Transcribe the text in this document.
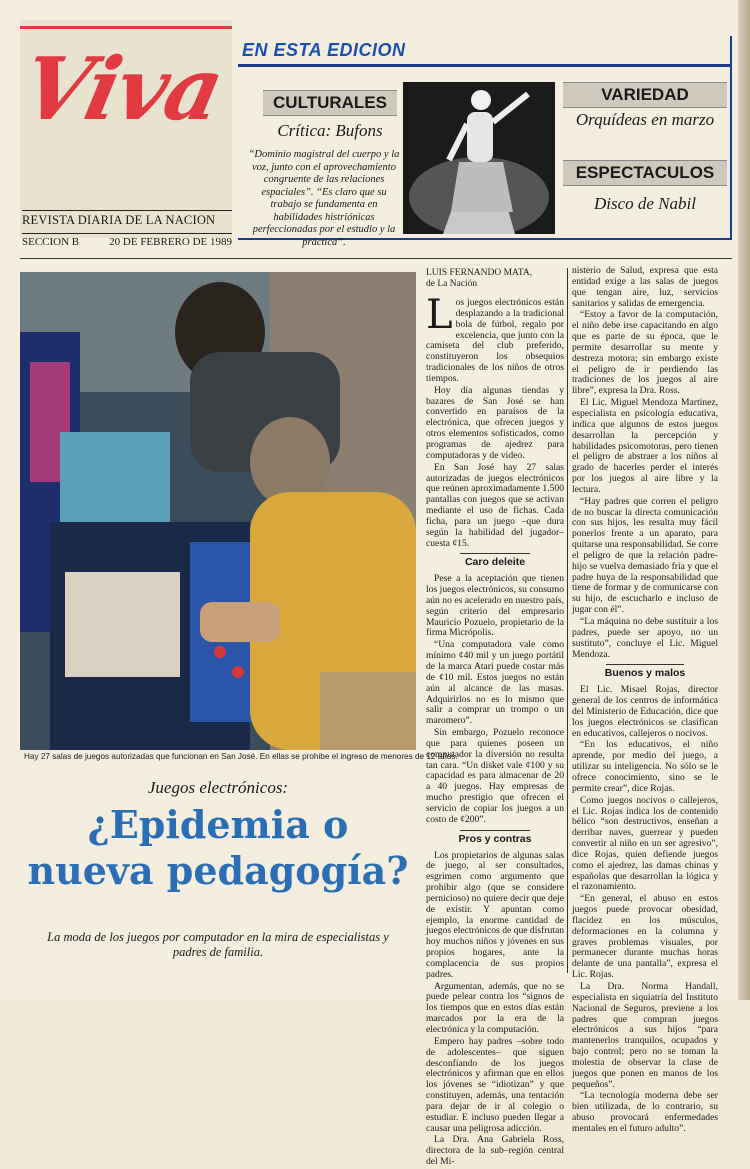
Viva
REVISTA DIARIA DE LA NACION
SECCION B	20 DE FEBRERO DE 1989
EN ESTA EDICION
CULTURALES
Crítica: Bufons
“Dominio magistral del cuerpo y la voz, junto con el aprovechamiento congruente de las relaciones espaciales”. “Es claro que su trabajo se fundamenta en habilidades histriónicas perfeccionadas por el estudio y la práctica”.
VARIEDAD
Orquídeas en marzo
ESPECTACULOS
Disco de Nabil
Hay 27 salas de juegos autorizadas que funcionan en San José. En ellas se prohibe el ingreso de menores de 12 años.
Juegos electrónicos:
¿Epidemia o nueva pedagogía?
La moda de los juegos por computador en la mira de especialistas y padres de familia.
LUIS FERNANDO MATA,
de La Nación
L os juegos electrónicos están desplazando a la tradicional bola de fútbol, regalo por excelencia, que junto con la camiseta del club preferido, constituyeron los obsequios tradicionales de los niños de otros tiempos.

Hoy día algunas tiendas y bazares de San José se han convertido en paraísos de la electrónica, que ofrecen juegos y otros elementos sofisticados, como programas de ajedrez para computadoras y de video.

En San José hay 27 salas autorizadas de juegos electrónicos que reúnen aproximadamente 1.500 pantallas con juegos que se activan mediante el uso de fichas. Cada ficha, para un juego –que dura según la habilidad del jugador– cuesta ¢15.

Caro deleite

Pese a la aceptación que tienen los juegos electrónicos, su consumo aún no es acelerado en nuestro país, según criterio del empresario Mauricio Pozuelo, propietario de la firma Micrópolis.

“Una computadora vale como mínimo ¢40 mil y un juego portátil de la marca Atari puede costar más de ¢10 mil. Estos juegos no están aún al alcance de las masas. Adquirirlos no es lo mismo que salir a comprar un trompo o un maromero”.

Sin embargo, Pozuelo reconoce que para quienes poseen un computador la diversión no resulta tan cara. “Un disket vale ¢100 y su capacidad es para almacenar de 20 a 40 juegos. Hay empresas de mucho prestigio que ofrecen el servicio de copiar los juegos a un costo de ¢200”.

Pros y contras

Los propietarios de algunas salas de juego, al ser consultados, esgrimen como argumento que prohibir algo (que se considere pernicioso) no quiere decir que deje de existir. Y apuntan como ejemplo, la enorme cantidad de juegos electrónicos de que disfrutan hoy muchos niños y jóvenes en sus propios hogares, ante la complacencia de sus propios padres.

Argumentan, además, que no se puede pelear contra los “signos de los tiempos que en estos días están marcados por la era de la electrónica y la computación.

Empero hay padres –sobre todo de adolescentes– que siguen desconfiando de los juegos electrónicos y afirman que en ellos los jóvenes se “idiotizan” y que constituyen, además, una tentación para dejar de ir al colegio o estudiar. E incluso pueden llegar a causar una peligrosa adicción.

La Dra. Ana Gabriela Ross, directora de la sub–región central del Mi-

nisterio de Salud, expresa que esta entidad exige a las salas de juegos que tengan aire, luz, servicios sanitarios y salidas de emergencia.

“Estoy a favor de la computación, el niño debe irse capacitando en algo que es parte de su época, que le permite desarrollar su mente y destreza motora; sin embargo existe el peligro de ir perdiendo las tradiciones de los juegos al aire libre”, expresa la Dra. Ross.

El Lic. Miguel Mendoza Martínez, especialista en psicología educativa, indica que algunos de estos juegos desarrollan la percepción y habilidades psicomotoras, pero tienen el peligro de abstraer a los niños al grado de hacerles perder el interés por los juegos al aire libre y la lectura.

“Hay padres que corren el peligro de no buscar la directa comunicación con sus hijos, les resulta muy fácil ponerlos frente a un aparato, para quitarse una responsabilidad. Se corre el peligro de que la relación padre-hijo se vuelva demasiado fría y que el padre huya de la responsabilidad que tiene de formar y de comunicarse con su hijo, de escucharlo e incluso de jugar con él”.

“La máquina no debe sustituir a los padres, puede ser apoyo, no un sustituto”, concluye el Lic. Miguel Mendoza.

Buenos y malos

El Lic. Misael Rojas, director general de los centros de informática del Ministerio de Educación, dice que los juegos electrónicos se clasifican en educativos, callejeros o nocivos.

“En los educativos, el niño aprende, por medio del juego, a utilizar su inteligencia. No sólo se le ofrece conocimiento, sino se le permite crear”, dice Rojas.

Como juegos nocivos o callejeros, el Lic. Rojas indica los de contenido bélico “son destructivos, enseñan a derribar naves, guerrear y pueden convertir al niño en un ser agresivo”, dice Rojas, quien defiende juegos como el ajedrez, las damas chinas y españolas que desarrollan la lógica y el razonamiento.

“En general, el abuso en estos juegos puede provocar obesidad, flacidez en los músculos, deformaciones en la columna y graves problemas visuales, por permanecer durante muchas horas delante de una pantalla”, expresa el Lic. Rojas.

La Dra. Norma Handall, especialista en siquiatría del Instituto Nacional de Seguros, previene a los padres que compran juegos electrónicos a sus hijos “para mantenerlos tranquilos, ocupados y bajo control; pero no se toman la molestia de observar la clase de juegos que ponen en manos de los pequeños”.

“La tecnología moderna debe ser bien utilizada, de lo contrario, su abuso provocará enfermedades mentales en el futuro adulto”.
